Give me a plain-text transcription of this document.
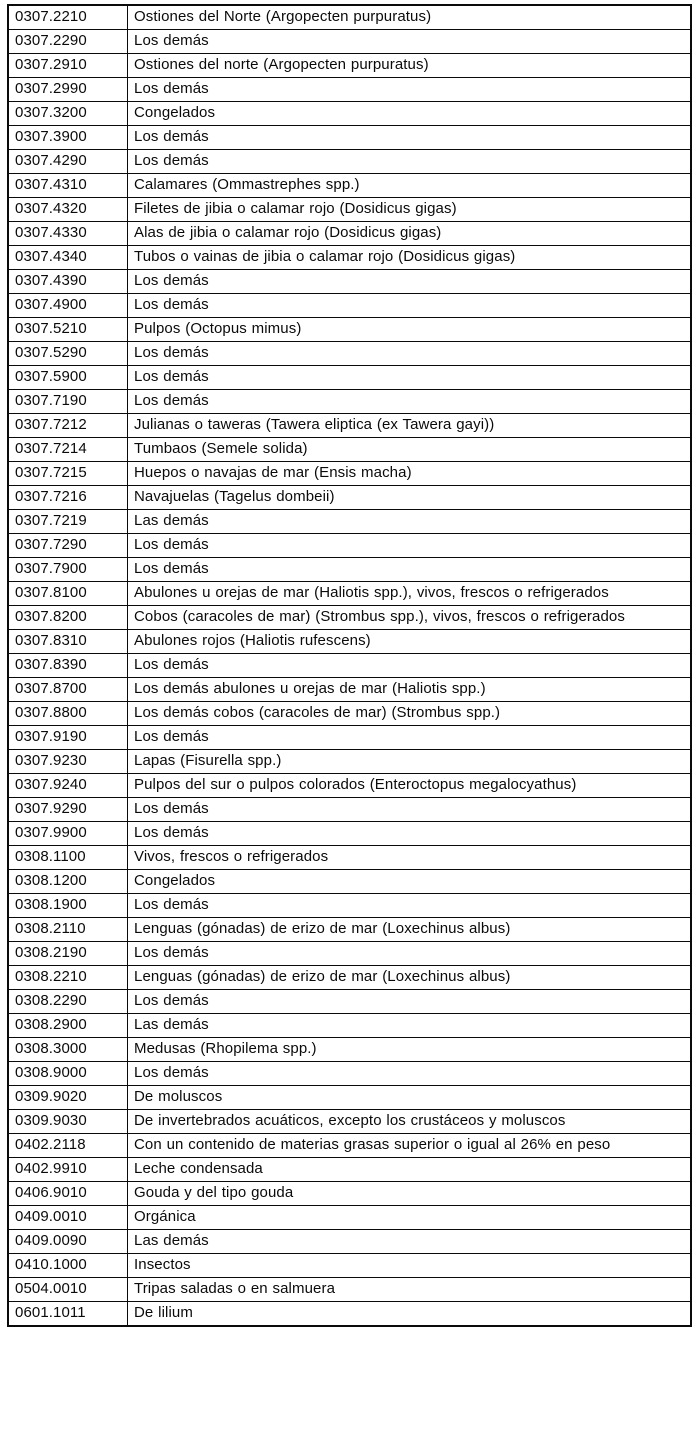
0307.2210	Ostiones del Norte (Argopecten purpuratus)
0307.2290	Los demás
0307.2910	Ostiones del norte (Argopecten purpuratus)
0307.2990	Los demás
0307.3200	Congelados
0307.3900	Los demás
0307.4290	Los demás
0307.4310	Calamares (Ommastrephes spp.)
0307.4320	Filetes de jibia o calamar rojo (Dosidicus gigas)
0307.4330	Alas de jibia o calamar rojo (Dosidicus gigas)
0307.4340	Tubos o vainas de jibia o calamar rojo (Dosidicus gigas)
0307.4390	Los demás
0307.4900	Los demás
0307.5210	Pulpos (Octopus mimus)
0307.5290	Los demás
0307.5900	Los demás
0307.7190	Los demás
0307.7212	Julianas o taweras (Tawera eliptica (ex Tawera gayi))
0307.7214	Tumbaos (Semele solida)
0307.7215	Huepos o navajas de mar (Ensis macha)
0307.7216	Navajuelas (Tagelus dombeii)
0307.7219	Las demás
0307.7290	Los demás
0307.7900	Los demás
0307.8100	Abulones u orejas de mar (Haliotis spp.), vivos, frescos o refrigerados
0307.8200	Cobos (caracoles de mar) (Strombus spp.), vivos, frescos o refrigerados
0307.8310	Abulones rojos (Haliotis rufescens)
0307.8390	Los demás
0307.8700	Los demás abulones u orejas de mar (Haliotis spp.)
0307.8800	Los demás cobos (caracoles de mar) (Strombus spp.)
0307.9190	Los demás
0307.9230	Lapas (Fisurella spp.)
0307.9240	Pulpos del sur o pulpos colorados (Enteroctopus megalocyathus)
0307.9290	Los demás
0307.9900	Los demás
0308.1100	Vivos, frescos o refrigerados
0308.1200	Congelados
0308.1900	Los demás
0308.2110	Lenguas (gónadas) de erizo de mar (Loxechinus albus)
0308.2190	Los demás
0308.2210	Lenguas (gónadas) de erizo de mar (Loxechinus albus)
0308.2290	Los demás
0308.2900	Las demás
0308.3000	Medusas (Rhopilema spp.)
0308.9000	Los demás
0309.9020	De moluscos
0309.9030	De invertebrados acuáticos, excepto los crustáceos y moluscos
0402.2118	Con un contenido de materias grasas superior o igual al 26% en peso
0402.9910	Leche condensada
0406.9010	Gouda y del tipo gouda
0409.0010	Orgánica
0409.0090	Las demás
0410.1000	Insectos
0504.0010	Tripas saladas o en salmuera
0601.1011	De lilium
